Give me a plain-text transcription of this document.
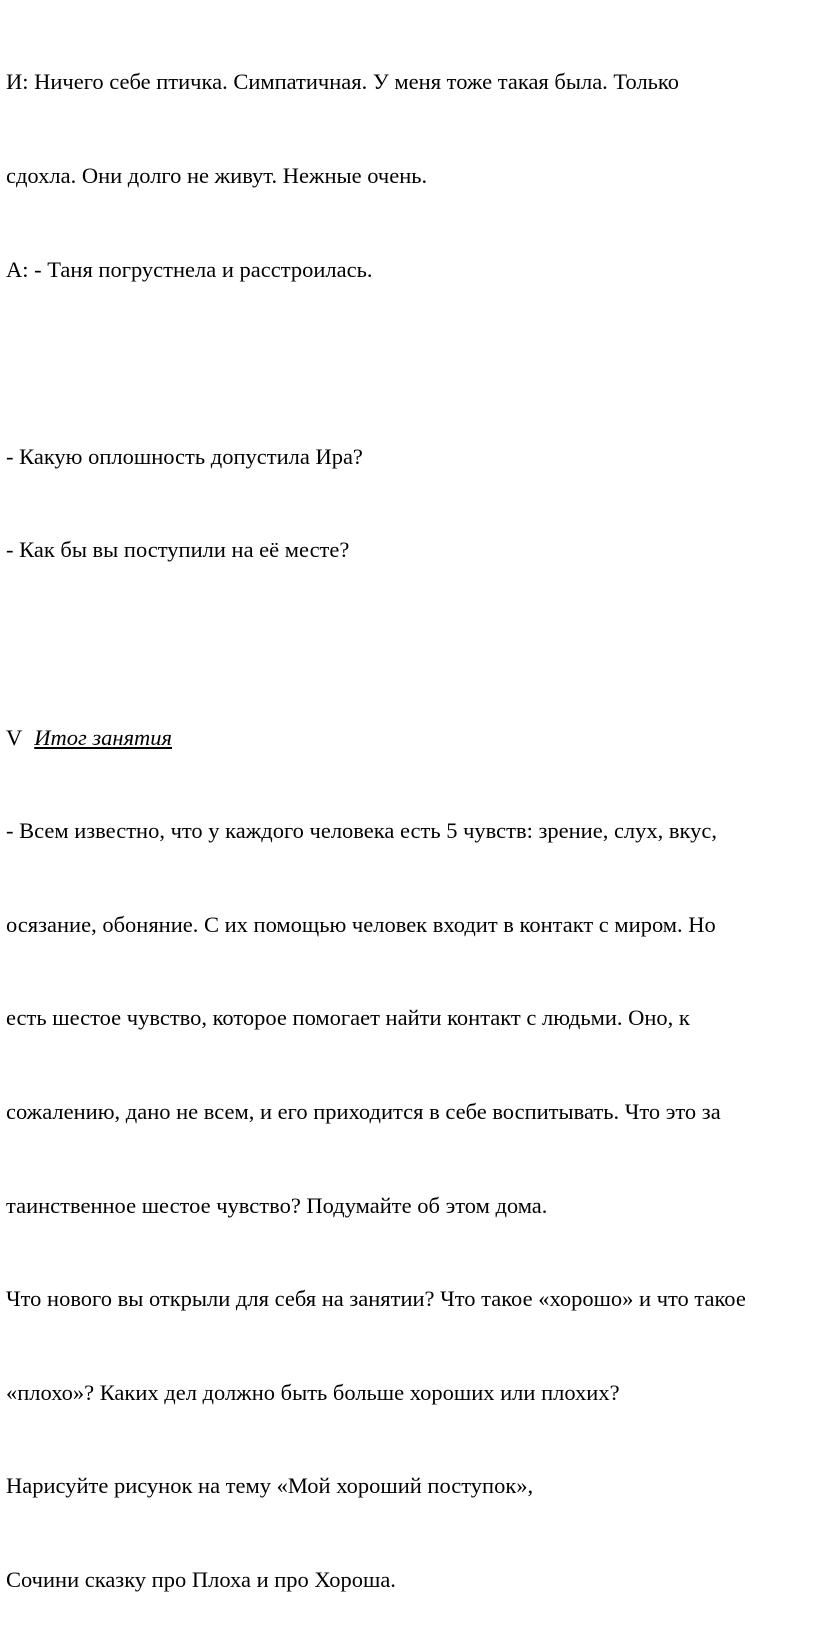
И: Ничего себе птичка. Симпатичная. У меня тоже такая была. Только

сдохла. Они долго не живут. Нежные очень.

А: - Таня погрустнела и расстроилась.

- Какую оплошность допустила Ира?

- Как бы вы поступили на её месте?

V Итог занятия

- Всем известно, что у каждого человека есть 5 чувств: зрение, слух, вкус,

осязание, обоняние. С их помощью человек входит в контакт с миром. Но

есть шестое чувство, которое помогает найти контакт с людьми. Оно, к

сожалению, дано не всем, и его приходится в себе воспитывать. Что это за

таинственное шестое чувство? Подумайте об этом дома.

Что нового вы открыли для себя на занятии? Что такое «хорошо» и что такое

«плохо»? Каких дел должно быть больше хороших или плохих?

Нарисуйте рисунок на тему «Мой хороший поступок»,

Сочини сказку про Плоха и про Хороша.
